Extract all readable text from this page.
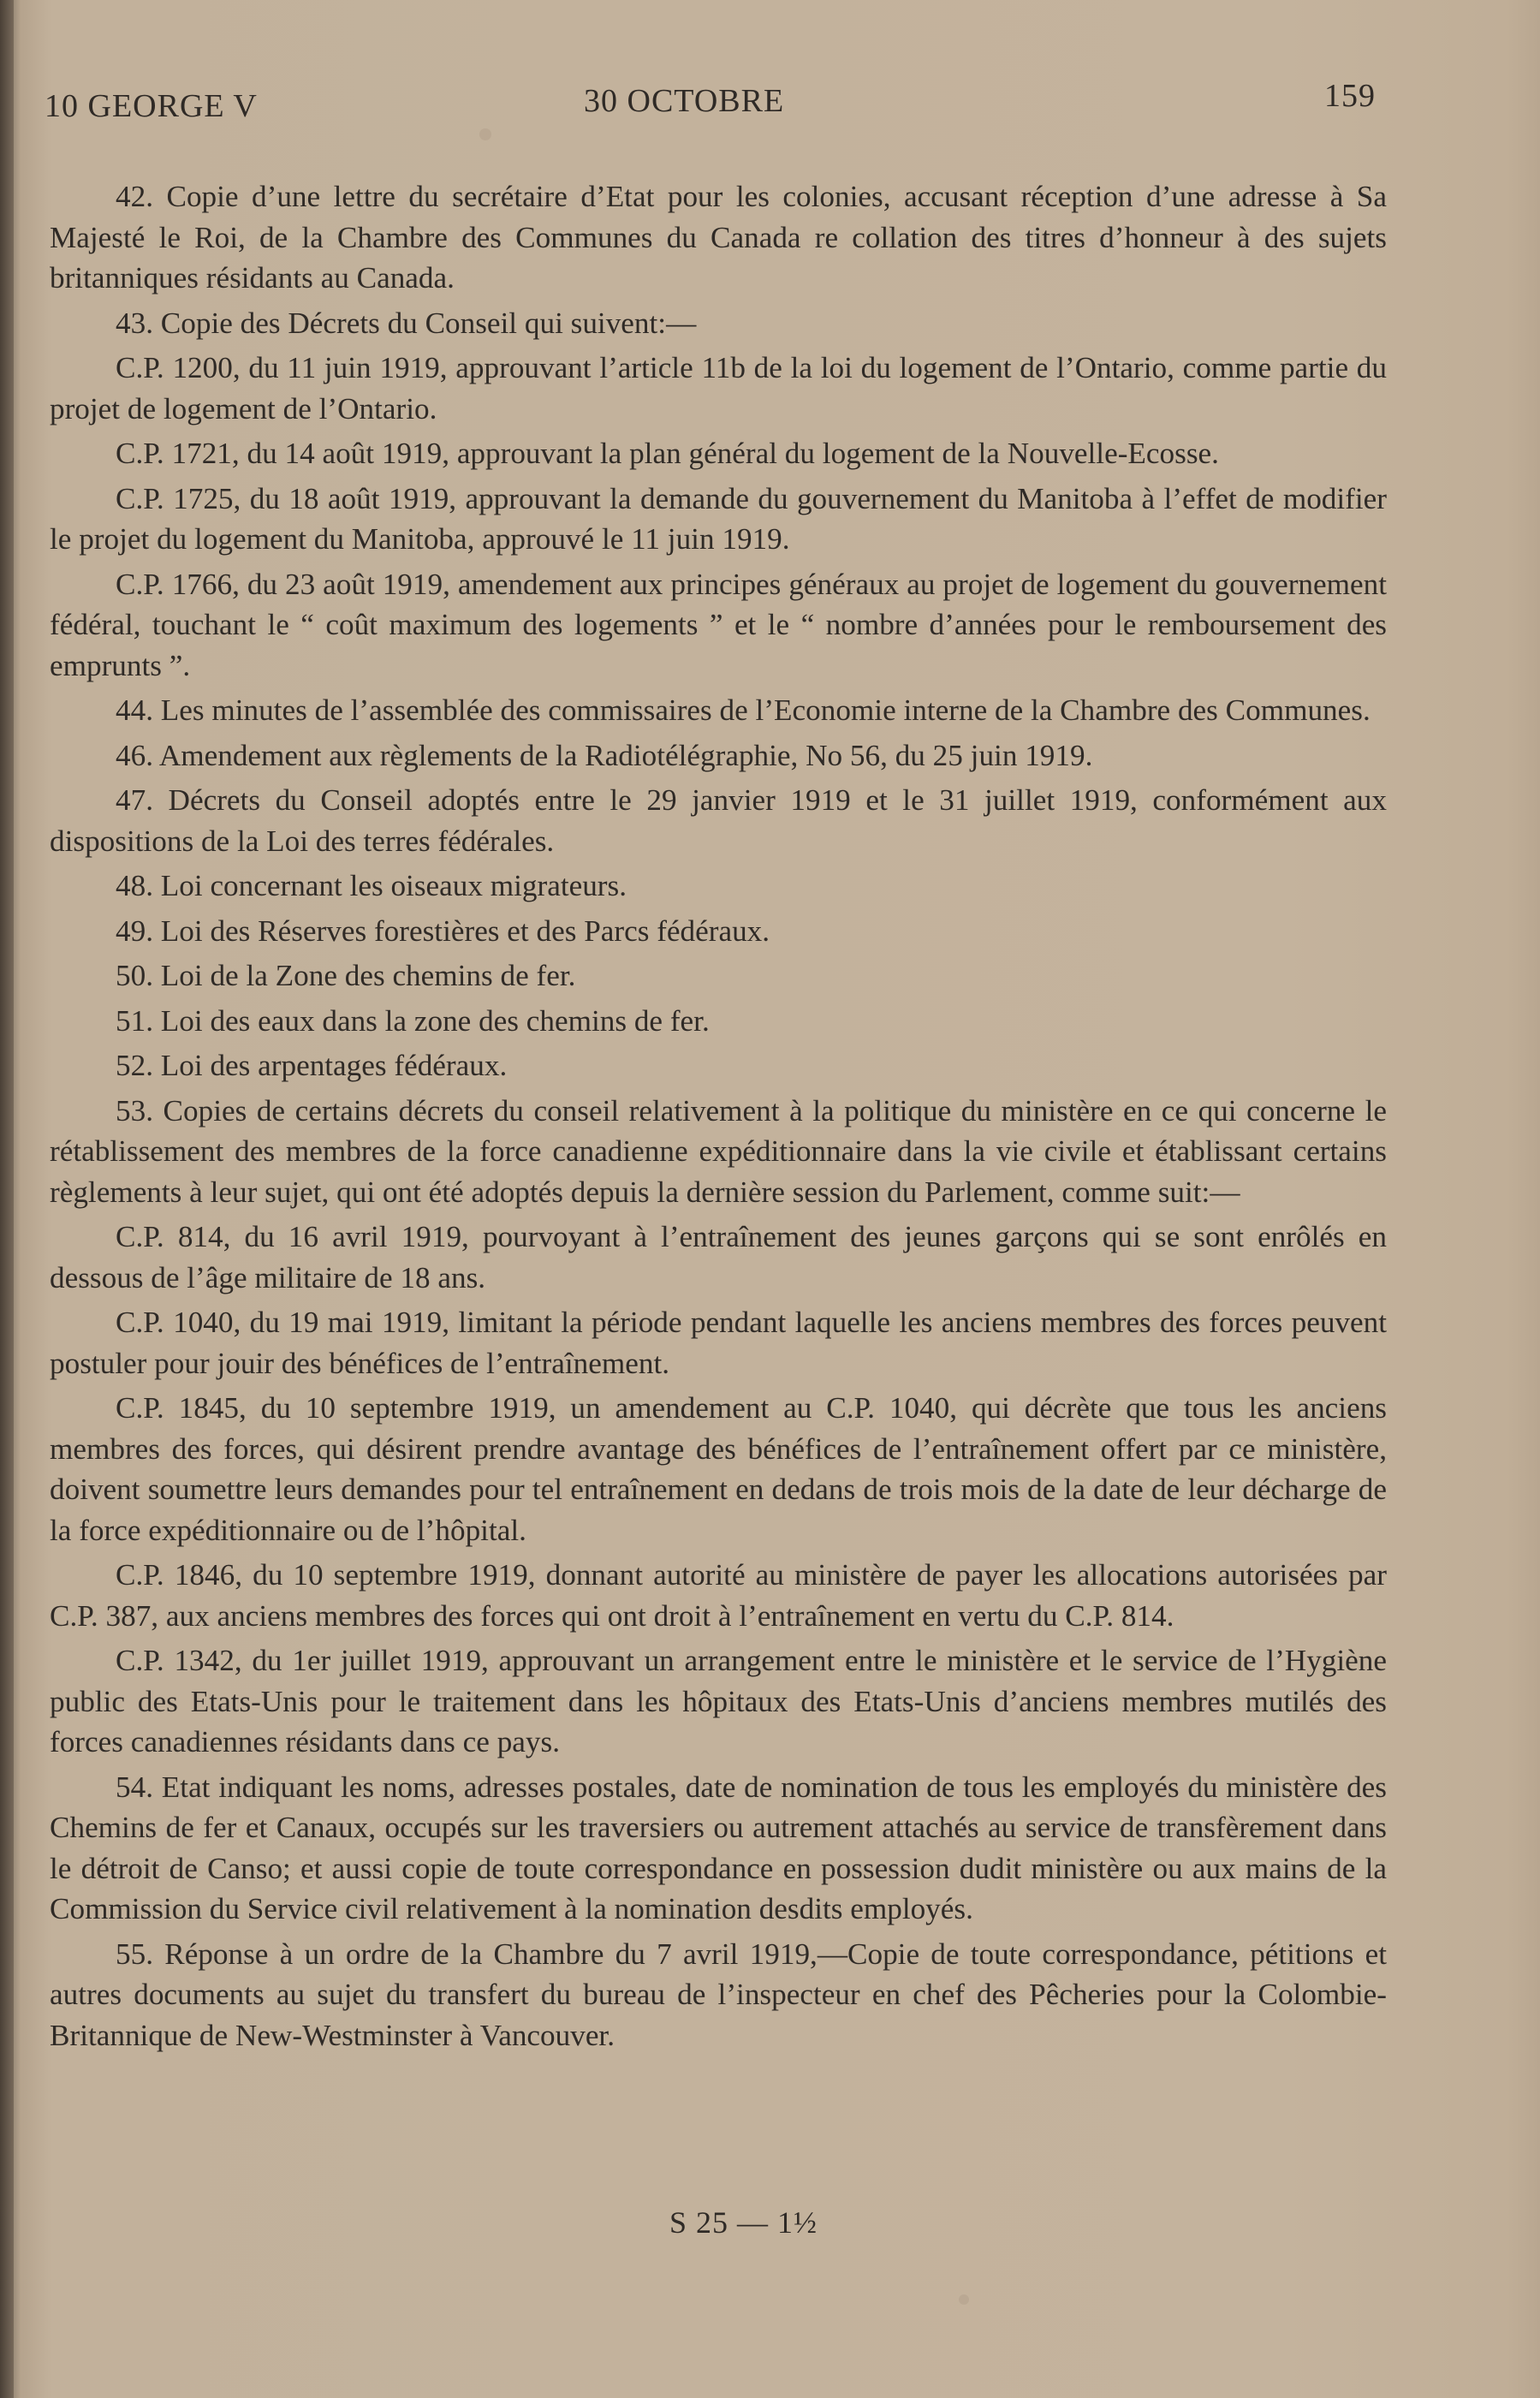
10 GEORGE V	30 OCTOBRE	159

42. Copie d’une lettre du secrétaire d’Etat pour les colonies, accusant réception d’une adresse à Sa Majesté le Roi, de la Chambre des Communes du Canada re collation des titres d’honneur à des sujets britanniques résidants au Canada.

43. Copie des Décrets du Conseil qui suivent:—

C.P. 1200, du 11 juin 1919, approuvant l’article 11b de la loi du logement de l’Ontario, comme partie du projet de logement de l’Ontario.

C.P. 1721, du 14 août 1919, approuvant la plan général du logement de la Nouvelle-Ecosse.

C.P. 1725, du 18 août 1919, approuvant la demande du gouvernement du Manitoba à l’effet de modifier le projet du logement du Manitoba, approuvé le 11 juin 1919.

C.P. 1766, du 23 août 1919, amendement aux principes généraux au projet de logement du gouvernement fédéral, touchant le “ coût maximum des logements ” et le “ nombre d’années pour le remboursement des emprunts ”.

44. Les minutes de l’assemblée des commissaires de l’Economie interne de la Chambre des Communes.

46. Amendement aux règlements de la Radiotélégraphie, No 56, du 25 juin 1919.

47. Décrets du Conseil adoptés entre le 29 janvier 1919 et le 31 juillet 1919, conformément aux dispositions de la Loi des terres fédérales.

48. Loi concernant les oiseaux migrateurs.

49. Loi des Réserves forestières et des Parcs fédéraux.

50. Loi de la Zone des chemins de fer.

51. Loi des eaux dans la zone des chemins de fer.

52. Loi des arpentages fédéraux.

53. Copies de certains décrets du conseil relativement à la politique du ministère en ce qui concerne le rétablissement des membres de la force canadienne expéditionnaire dans la vie civile et établissant certains règlements à leur sujet, qui ont été adoptés depuis la dernière session du Parlement, comme suit:—

C.P. 814, du 16 avril 1919, pourvoyant à l’entraînement des jeunes garçons qui se sont enrôlés en dessous de l’âge militaire de 18 ans.

C.P. 1040, du 19 mai 1919, limitant la période pendant laquelle les anciens membres des forces peuvent postuler pour jouir des bénéfices de l’entraînement.

C.P. 1845, du 10 septembre 1919, un amendement au C.P. 1040, qui décrète que tous les anciens membres des forces, qui désirent prendre avantage des bénéfices de l’entraînement offert par ce ministère, doivent soumettre leurs demandes pour tel entraînement en dedans de trois mois de la date de leur décharge de la force expéditionnaire ou de l’hôpital.

C.P. 1846, du 10 septembre 1919, donnant autorité au ministère de payer les allocations autorisées par C.P. 387, aux anciens membres des forces qui ont droit à l’entraînement en vertu du C.P. 814.

C.P. 1342, du 1er juillet 1919, approuvant un arrangement entre le ministère et le service de l’Hygiène public des Etats-Unis pour le traitement dans les hôpitaux des Etats-Unis d’anciens membres mutilés des forces canadiennes résidants dans ce pays.

54. Etat indiquant les noms, adresses postales, date de nomination de tous les employés du ministère des Chemins de fer et Canaux, occupés sur les traversiers ou autrement attachés au service de transfèrement dans le détroit de Canso; et aussi copie de toute correspondance en possession dudit ministère ou aux mains de la Commission du Service civil relativement à la nomination desdits employés.

55. Réponse à un ordre de la Chambre du 7 avril 1919,—Copie de toute correspondance, pétitions et autres documents au sujet du transfert du bureau de l’inspecteur en chef des Pêcheries pour la Colombie-Britannique de New-Westminster à Vancouver.

S 25 — 1½
